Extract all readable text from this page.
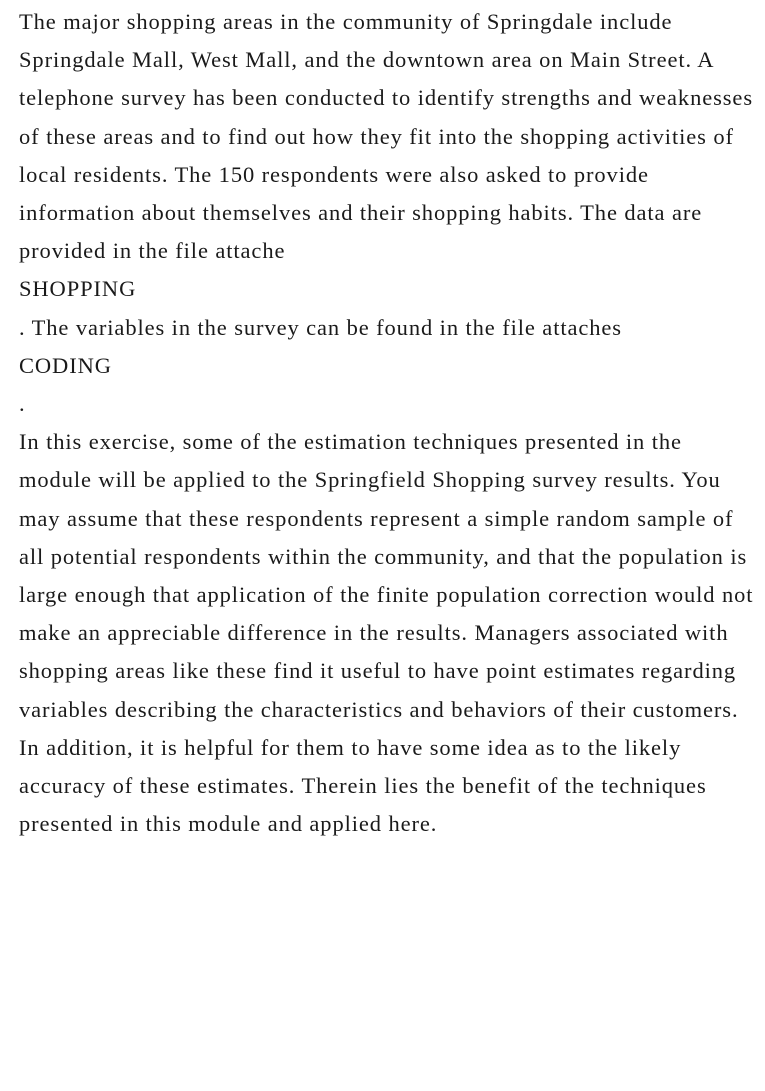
The major shopping areas in the community of Springdale include Springdale Mall, West Mall, and the downtown area on Main Street. A telephone survey has been conducted to identify strengths and weaknesses of these areas and to find out how they fit into the shopping activities of local residents. The 150 respondents were also asked to provide information about themselves and their shopping habits. The data are provided in the file attache

SHOPPING

. The variables in the survey can be found in the file attaches

CODING

.

In this exercise, some of the estimation techniques presented in the module will be applied to the Springfield Shopping survey results. You may assume that these respondents represent a simple random sample of all potential respondents within the community, and that the population is large enough that application of the finite population correction would not make an appreciable difference in the results. Managers associated with shopping areas like these find it useful to have point estimates regarding variables describing the characteristics and behaviors of their customers. In addition, it is helpful for them to have some idea as to the likely accuracy of these estimates. Therein lies the benefit of the techniques presented in this module and applied here.
